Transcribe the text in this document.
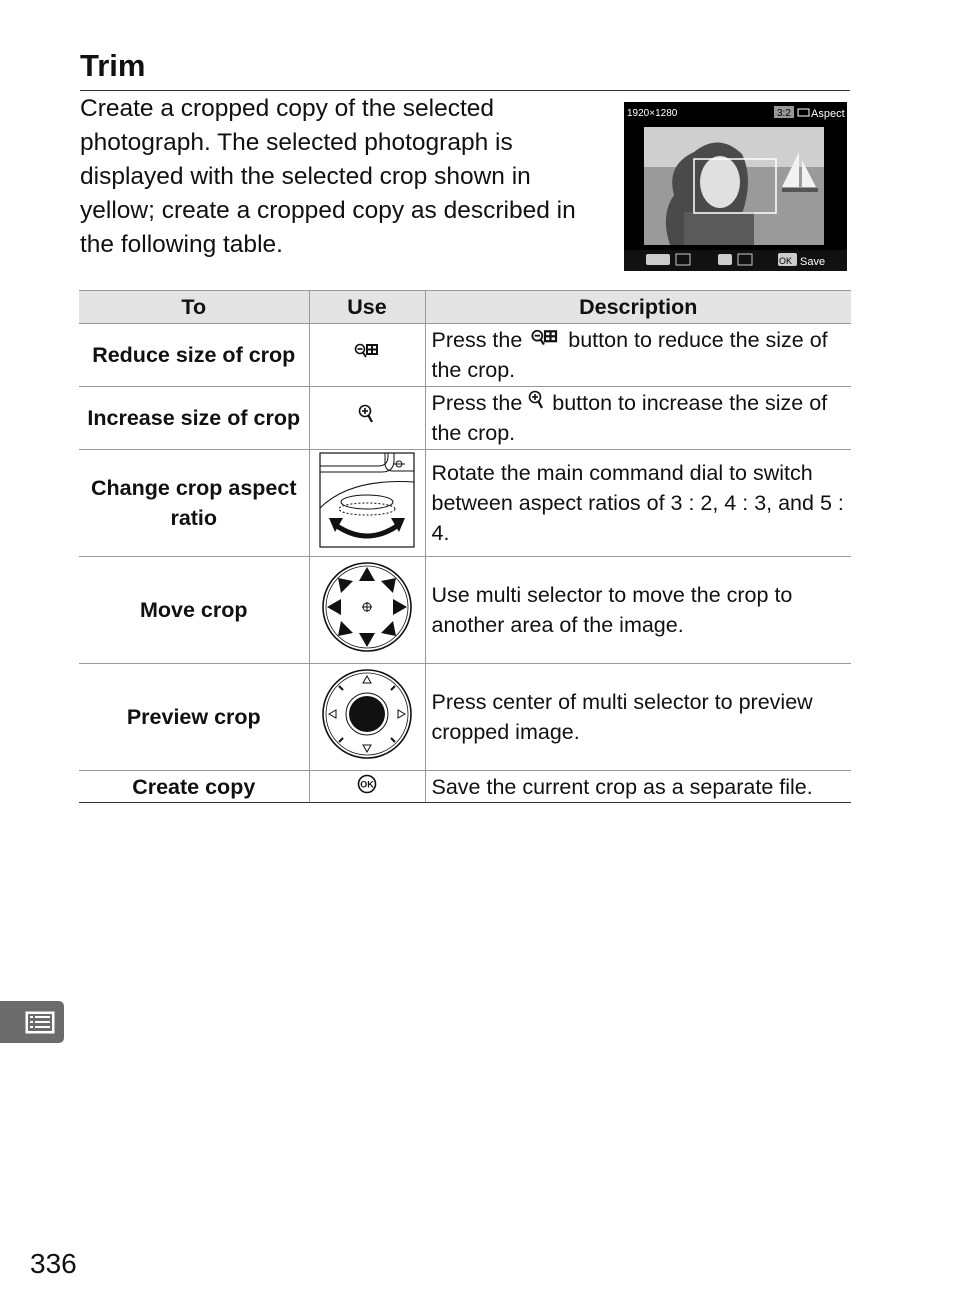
Trim
Create a cropped copy of the selected photograph. The selected photograph is displayed with the selected crop shown in yellow; create a cropped copy as described in the following table.
1920×1280	3:2 Aspect
OK Save
To	Use	Description
Reduce size of crop		Press the  button to reduce the size of the crop.
Increase size of crop		Press the  button to increase the size of the crop.
Change crop aspect ratio		Rotate the main command dial to switch between aspect ratios of 3 : 2, 4 : 3, and 5 : 4.
Move crop		Use multi selector to move the crop to another area of the image.
Preview crop		Press center of multi selector to preview cropped image.
Create copy	OK	Save the current crop as a separate file.
336
